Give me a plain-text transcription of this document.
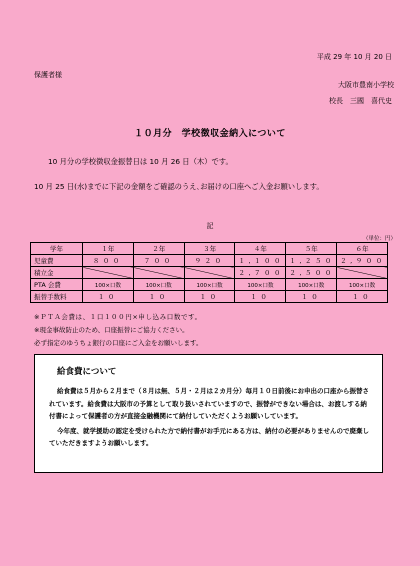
平成 29 年 10 月 20 日
保護者様
大阪市豊南小学校
校長　三國　喜代史
１０月分　学校徴収金納入について
10 月分の学校徴収金振替日は 10 月 26 日（木）です。
10 月 25 日(水)までに下記の金額をご確認のうえ､お届けの口座へご入金お願いします。
記
（単位：円）
学年	１年	２年	３年	４年	５年	６年
児童費	８００	７００	９２０	１,１００	１,２５０	２,９００
積立金				２,７００	２,５００	
PTA 会費	100×口数	100×口数	100×口数	100×口数	100×口数	100×口数
振替手数料	１０	１０	１０	１０	１０	１０
※ＰＴＡ会費は、１口１００円×申し込み口数です。
※現金事故防止のため、口座振替にご協力ください。
必ず指定のゆうちょ銀行の口座にご入金をお願いします。
給食費について

給食費は５月から２月まで（８月は無、５月・２月は２カ月分）毎月１０日前後にお申出の口座から振替されています。給食費は大阪市の予算として取り扱いされていますので、振替ができない場合は、お渡しする納付書によって保護者の方が直接金融機関にて納付していただくようお願いしています。

今年度、就学援助の認定を受けられた方で納付書がお手元にある方は、納付の必要がありませんので廃棄していただきますようお願いします。
